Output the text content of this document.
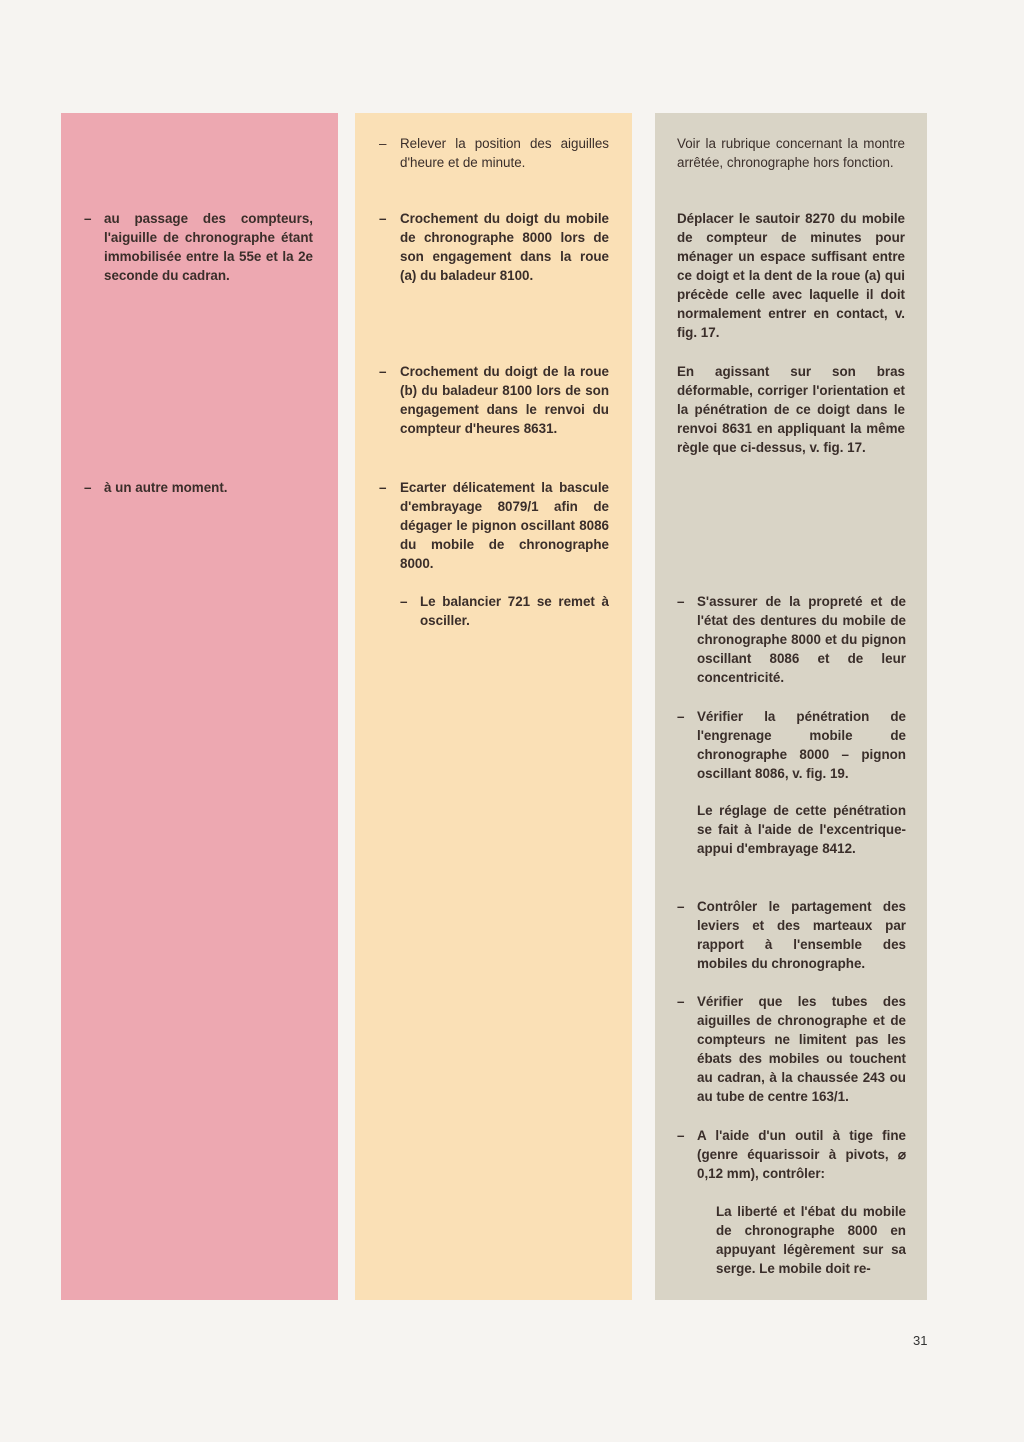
– au passage des compteurs, l'aiguille de chronographe étant immobilisée entre la 55e et la 2e seconde du cadran.
– à un autre moment.
– Relever la position des aiguilles d'heure et de minute.
– Crochement du doigt du mobile de chronographe 8000 lors de son engagement dans la roue (a) du baladeur 8100.
– Crochement du doigt de la roue (b) du baladeur 8100 lors de son engagement dans le renvoi du compteur d'heures 8631.
– Ecarter délicatement la bascule d'embrayage 8079/1 afin de dégager le pignon oscillant 8086 du mobile de chronographe 8000.
– Le balancier 721 se remet à osciller.
Voir la rubrique concernant la montre arrêtée, chronographe hors fonction.
Déplacer le sautoir 8270 du mobile de compteur de minutes pour ménager un espace suffisant entre ce doigt et la dent de la roue (a) qui précède celle avec laquelle il doit normalement entrer en contact, v. fig. 17.
En agissant sur son bras déformable, corriger l'orientation et la pénétration de ce doigt dans le renvoi 8631 en appliquant la même règle que ci-dessus, v. fig. 17.
– S'assurer de la propreté et de l'état des dentures du mobile de chronographe 8000 et du pignon oscillant 8086 et de leur concentricité.
– Vérifier la pénétration de l'engrenage mobile de chronographe 8000 – pignon oscillant 8086, v. fig. 19.
Le réglage de cette pénétration se fait à l'aide de l'excentrique-appui d'embrayage 8412.
– Contrôler le partagement des leviers et des marteaux par rapport à l'ensemble des mobiles du chronographe.
– Vérifier que les tubes des aiguilles de chronographe et de compteurs ne limitent pas les ébats des mobiles ou touchent au cadran, à la chaussée 243 ou au tube de centre 163/1.
– A l'aide d'un outil à tige fine (genre équarissoir à pivots, ⌀ 0,12 mm), contrôler:
La liberté et l'ébat du mobile de chronographe 8000 en appuyant légèrement sur sa serge. Le mobile doit re-
31
